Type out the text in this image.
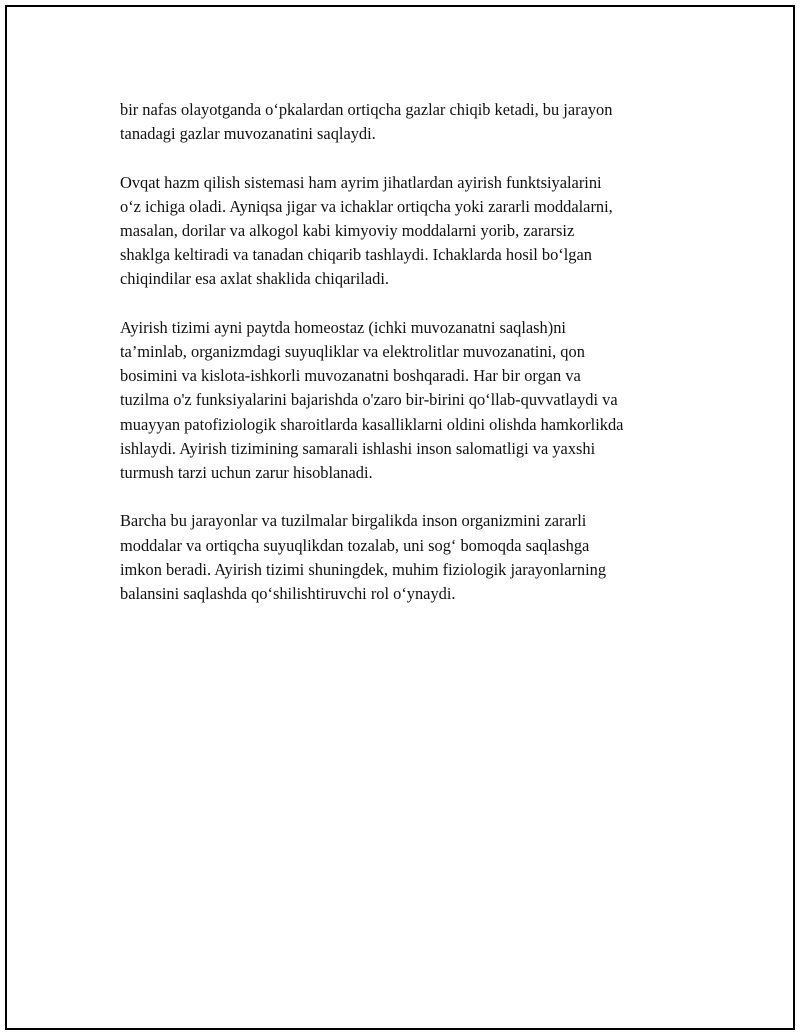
bir nafas olayotganda o‘pkalardan ortiqcha gazlar chiqib ketadi, bu jarayon
tanadagi gazlar muvozanatini saqlaydi.

Ovqat hazm qilish sistemasi ham ayrim jihatlardan ayirish funktsiyalarini
o‘z ichiga oladi. Ayniqsa jigar va ichaklar ortiqcha yoki zararli moddalarni,
masalan, dorilar va alkogol kabi kimyoviy moddalarni yorib, zararsiz
shaklga keltiradi va tanadan chiqarib tashlaydi. Ichaklarda hosil bo‘lgan
chiqindilar esa axlat shaklida chiqariladi.

Ayirish tizimi ayni paytda homeostaz (ichki muvozanatni saqlash)ni
ta’minlab, organizmdagi suyuqliklar va elektrolitlar muvozanatini, qon
bosimini va kislota-ishkorli muvozanatni boshqaradi. Har bir organ va
tuzilma o'z funksiyalarini bajarishda o'zaro bir-birini qo‘llab-quvvatlaydi va
muayyan patofiziologik sharoitlarda kasalliklarni oldini olishda hamkorlikda
ishlaydi. Ayirish tizimining samarali ishlashi inson salomatligi va yaxshi
turmush tarzi uchun zarur hisoblanadi.

Barcha bu jarayonlar va tuzilmalar birgalikda inson organizmini zararli
moddalar va ortiqcha suyuqlikdan tozalab, uni sog‘ bomoqda saqlashga
imkon beradi. Ayirish tizimi shuningdek, muhim fiziologik jarayonlarning
balansini saqlashda qo‘shilishtiruvchi rol o‘ynaydi.
